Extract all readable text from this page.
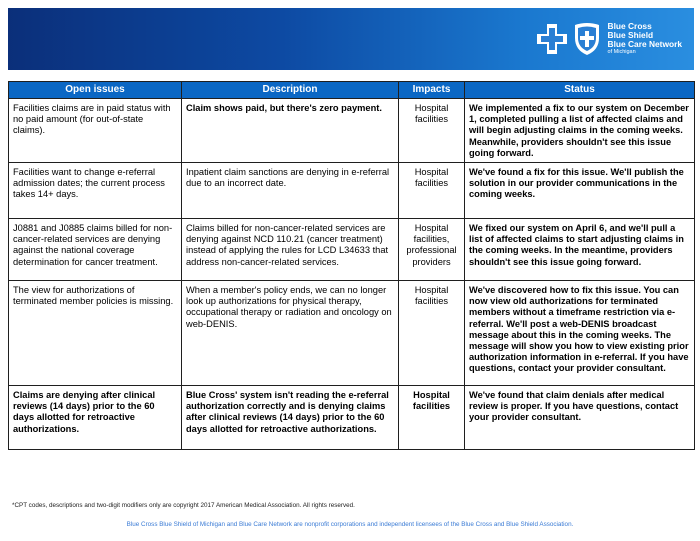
Blue Cross
Blue Shield
Blue Care Network
of Michigan
Open issues	Description	Impacts	Status
Facilities claims are in paid status with no paid amount (for out-of-state claims).	Claim shows paid, but there's zero payment.	Hospital facilities	We implemented a fix to our system on December 1, completed pulling a list of affected claims and will begin adjusting claims in the coming weeks. Meanwhile, providers shouldn't see this issue going forward.
Facilities want to change e-referral admission dates; the current process takes 14+ days.	Inpatient claim sanctions are denying in e-referral due to an incorrect date.	Hospital facilities	We've found a fix for this issue. We'll publish the solution in our provider communications in the coming weeks.
J0881 and J0885 claims billed for non-cancer-related services are denying against the national coverage determination for cancer treatment.	Claims billed for non-cancer-related services are denying against NCD 110.21 (cancer treatment) instead of applying the rules for LCD L34633 that address non-cancer-related services.	Hospital facilities, professional providers	We fixed our system on April 6, and we'll pull a list of affected claims to start adjusting claims in the coming weeks. In the meantime, providers shouldn't see this issue going forward.
The view for authorizations of terminated member policies is missing.	When a member's policy ends, we can no longer look up authorizations for physical therapy, occupational therapy or radiation and oncology on web-DENIS.	Hospital facilities	We've discovered how to fix this issue. You can now view old authorizations for terminated members without a timeframe restriction via e-referral. We'll post a web-DENIS broadcast message about this in the coming weeks. The message will show you how to view existing prior authorization information in e-referral. If you have questions, contact your provider consultant.
Claims are denying after clinical reviews (14 days) prior to the 60 days allotted for retroactive authorizations.	Blue Cross' system isn't reading the e-referral authorization correctly and is denying claims after clinical reviews (14 days) prior to the 60 days allotted for retroactive authorizations.	Hospital facilities	We've found that claim denials after medical review is proper. If you have questions, contact your provider consultant.
*CPT codes, descriptions and two-digit modifiers only are copyright 2017 American Medical Association. All rights reserved.
Blue Cross Blue Shield of Michigan and Blue Care Network are nonprofit corporations and independent licensees of the Blue Cross and Blue Shield Association.
